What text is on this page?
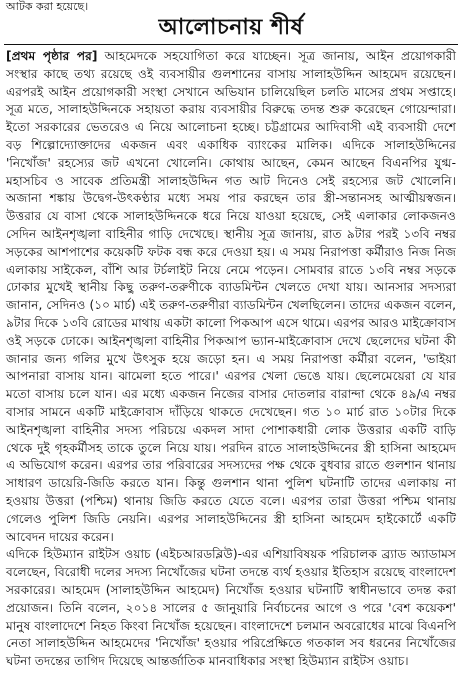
আটক করা হয়েছে।
আলোচনায় শীর্ষ

[প্রথম পৃষ্ঠার পর] আহমেদকে সহযোগিতা করে যাচ্ছেন। সূত্র জানায়, আইন প্রয়োগকারী সংস্থার কাছে তথ্য রয়েছে ওই ব্যবসায়ীর গুলশানের বাসায় সালাহউদ্দিন আহমেদ রয়েছেন। এরপরই আইন প্রয়োগকারী সংস্থা সেখানে অভিযান চালিয়েছিল চলতি মাসের প্রথম সপ্তাহে। সূত্র মতে, সালাহউদ্দিনকে সহায়তা করায় ব্যবসায়ীর বিরুদ্ধে তদন্ত শুরু করেছেন গোয়েন্দারা। ইতো সরকারের ভেতরেও এ নিয়ে আলোচনা হচ্ছে। চট্টগ্রামের আদিবাসী এই ব্যবসায়ী দেশে বড় শিল্পোদ্যোক্তাদের একজন এবং একাধিক ব্যাংকের মালিক। এদিকে সালাহউদ্দিনের 'নিখোঁজ' রহস্যের জট এখনো খোলেনি। কোথায় আছেন, কেমন আছেন বিএনপির যুগ্ম-মহাসচিব ও সাবেক প্রতিমন্ত্রী সালাহউদ্দিন গত আট দিনেও সেই রহস্যের জট খোলেনি। অজানা শঙ্কায় উদ্বেগ-উৎকণ্ঠার মধ্যে সময় পার করছেন তার স্ত্রী-সন্তানসহ আত্মীয়স্বজন। উত্তরার যে বাসা থেকে সালাহউদ্দিনকে ধরে নিয়ে যাওয়া হয়েছে, সেই এলাকার লোকজনও সেদিন আইনশৃঙ্খলা বাহিনীর গাড়ি দেখেছে। স্থানীয় সূত্র জানায়, রাত ৯টার পরই ১৩বি নম্বর সড়কের আশপাশের কয়েকটি ফটক বন্ধ করে দেওয়া হয়। এ সময় নিরাপত্তা কর্মীরাও নিজ নিজ এলাকায় সাইকেল, বাঁশি আর টর্চলাইট নিয়ে নেমে পড়েন। সোমবার রাতে ১৩বি নম্বর সড়কে ঢোকার মুখেই স্থানীয় কিছু তরুণ-তরুণীকে ব্যাডমিন্টন খেলতে দেখা যায়। আনসার সদস্যরা জানান, সেদিনও (১০ মার্চ) এই তরুণ-তরুণীরা ব্যাডমিন্টন খেলছিলেন। তাদের একজন বলেন, ৯টার দিকে ১৩বি রোডের মাথায় একটা কালো পিকআপ এসে থামে। এরপর আরও মাইক্রোবাস ওই সড়কে ঢোকে। আইনশৃঙ্খলা বাহিনীর পিকআপ ভ্যান-মাইক্রোবাস দেখে ছেলেদের ঘটনা কী জানার জন্য গলির মুখে উৎসুক হয়ে জড়ো হন। এ সময় নিরাপত্তা কর্মীরা বলেন, 'ভাইয়া আপনারা বাসায় যান। ঝামেলা হতে পারে।' এরপর খেলা ভেঙে যায়। ছেলেমেয়েরা যে যার মতো বাসায় চলে যান। এর মধ্যে একজন নিজের বাসার দোতলার বারান্দা থেকে ৪৯/এ নম্বর বাসার সামনে একটি মাইক্রোবাস দাঁড়িয়ে থাকতে দেখেছেন। গত ১০ মার্চ রাত ১০টার দিকে আইনশৃঙ্খলা বাহিনীর সদস্য পরিচয়ে একদল সাদা পোশাকধারী লোক উত্তরার একটি বাড়ি থেকে দুই গৃহকর্মীসহ তাকে তুলে নিয়ে যায়। পরদিন রাতে সালাহউদ্দিনের স্ত্রী হাসিনা আহমেদ এ অভিযোগ করেন। এরপর তার পরিবারের সদস্যদের পক্ষ থেকে বুধবার রাতে গুলশান থানায় সাধারণ ডায়েরি-জিডি করতে যান। কিন্তু গুলশান থানা পুলিশ ঘটনাটি তাদের এলাকায় না হওয়ায় উত্তরা (পশ্চিম) থানায় জিডি করতে যেতে বলে। এরপর তারা উত্তরা পশ্চিম থানায় গেলেও পুলিশ জিডি নেয়নি। এরপর সালাহউদ্দিনের স্ত্রী হাসিনা আহমেদ হাইকোর্টে একটি আবেদন দায়ের করেন।

এদিকে হিউম্যান রাইটস ওয়াচ (এইচআরডব্লিউ)-এর এশিয়াবিষয়ক পরিচালক ব্র্যাড অ্যাডামস বলেছেন, বিরোধী দলের সদস্য নিখোঁজের ঘটনা তদন্তে ব্যর্থ হওয়ার ইতিহাস রয়েছে বাংলাদেশ সরকারের। আহমেদ (সালাহউদ্দিন আহমেদ) নিখোঁজ হওয়ার ঘটনাটি স্বাধীনভাবে তদন্ত করা প্রয়োজন। তিনি বলেন, ২০১৪ সালের ৫ জানুয়ারি নির্বাচনের আগে ও পরে 'বেশ কয়েকশ' মানুষ বাংলাদেশে নিহত কিংবা নিখোঁজ হয়েছেন। বাংলাদেশে চলমান অবরোধের মাঝে বিএনপি নেতা সালাহউদ্দিন আহমেদের 'নিখোঁজ' হওয়ার পরিপ্রেক্ষিতে গতকাল সব ধরনের নিখোঁজের ঘটনা তদন্তের তাগিদ দিয়েছে আন্তর্জাতিক মানবাধিকার সংস্থা হিউম্যান রাইটস ওয়াচ।
